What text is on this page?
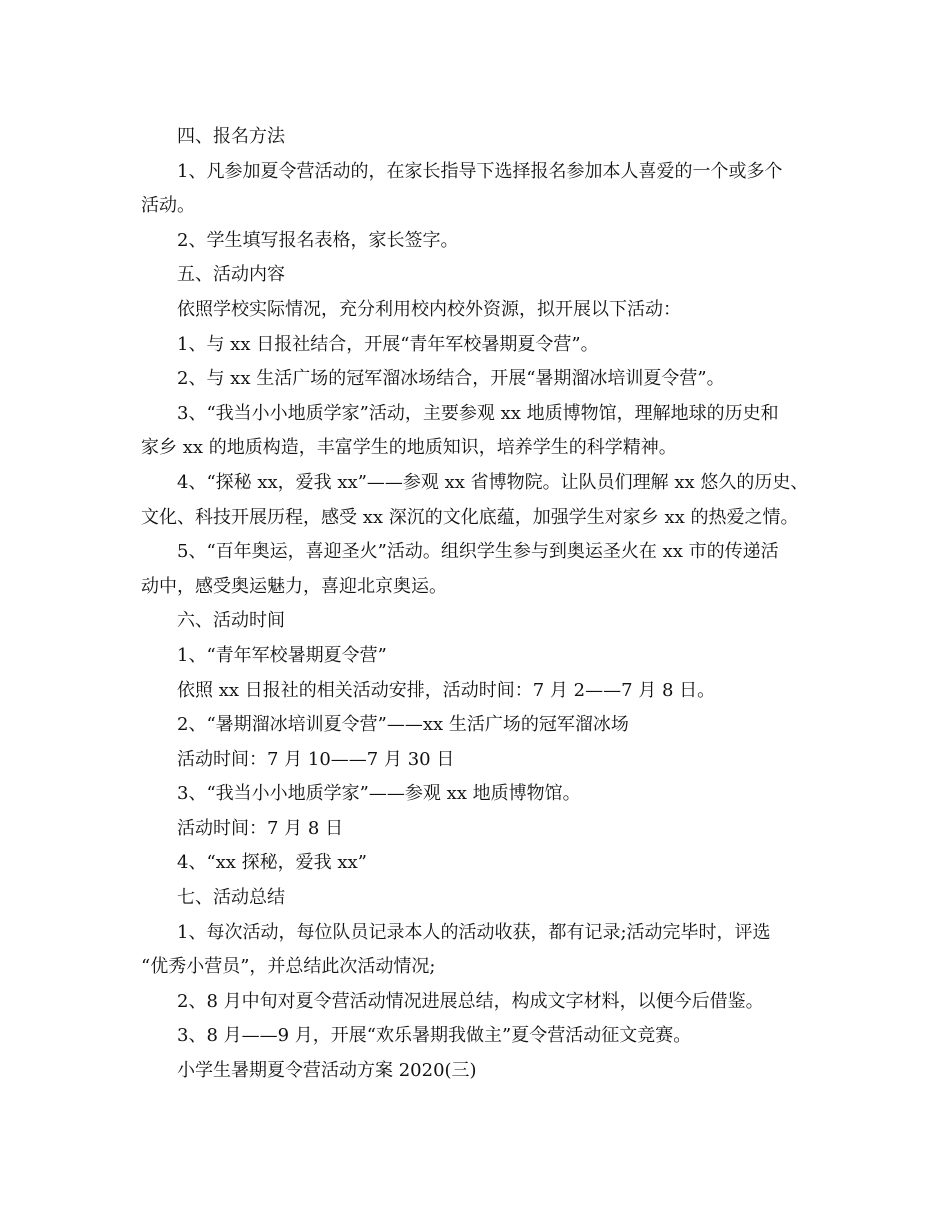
四、报名方法

1、凡参加夏令营活动的，在家长指导下选择报名参加本人喜爱的一个或多个

活动。

2、学生填写报名表格，家长签字。

五、活动内容

依照学校实际情况，充分利用校内校外资源，拟开展以下活动：

1、与 xx 日报社结合，开展“青年军校暑期夏令营”。

2、与 xx 生活广场的冠军溜冰场结合，开展“暑期溜冰培训夏令营”。

3、“我当小小地质学家”活动，主要参观 xx 地质博物馆，理解地球的历史和

家乡 xx 的地质构造，丰富学生的地质知识，培养学生的科学精神。

4、“探秘 xx，爱我 xx”——参观 xx 省博物院。让队员们理解 xx 悠久的历史、

文化、科技开展历程，感受 xx 深沉的文化底蕴，加强学生对家乡 xx 的热爱之情。

5、“百年奥运，喜迎圣火”活动。组织学生参与到奥运圣火在 xx 市的传递活

动中，感受奥运魅力，喜迎北京奥运。

六、活动时间

1、“青年军校暑期夏令营”

依照 xx 日报社的相关活动安排，活动时间：7 月 2——7 月 8 日。

2、“暑期溜冰培训夏令营”——xx 生活广场的冠军溜冰场

活动时间：7 月 10——7 月 30 日

3、“我当小小地质学家”——参观 xx 地质博物馆。

活动时间：7 月 8 日

4、“xx 探秘，爱我 xx”

七、活动总结

1、每次活动，每位队员记录本人的活动收获，都有记录;活动完毕时，评选

“优秀小营员”，并总结此次活动情况;

2、8 月中旬对夏令营活动情况进展总结，构成文字材料，以便今后借鉴。

3、8 月——9 月，开展“欢乐暑期我做主”夏令营活动征文竞赛。

小学生暑期夏令营活动方案 2020(三)
